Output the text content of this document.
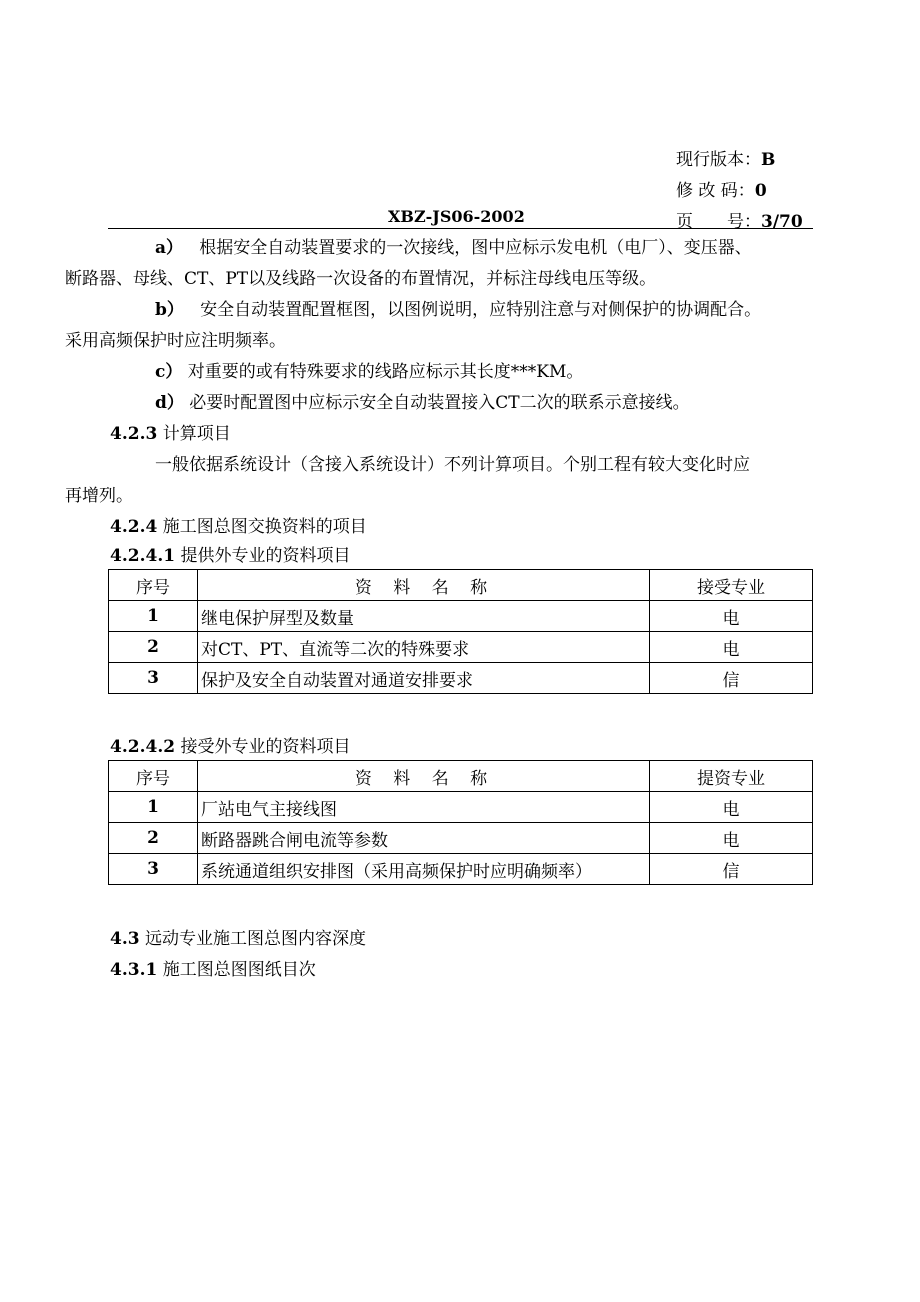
现行版本：B
修 改 码：0
XBZ-JS06-2002	页　　号：3/70
a） 根据安全自动装置要求的一次接线，图中应标示发电机（电厂）、变压器、
断路器、母线、CT、PT以及线路一次设备的布置情况，并标注母线电压等级。
b） 安全自动装置配置框图，以图例说明，应特别注意与对侧保护的协调配合。
采用高频保护时应注明频率。
c） 对重要的或有特殊要求的线路应标示其长度***KM。
d） 必要时配置图中应标示安全自动装置接入CT二次的联系示意接线。
4.2.3 计算项目
一般依据系统设计（含接入系统设计）不列计算项目。个别工程有较大变化时应
再增列。
4.2.4 施工图总图交换资料的项目
4.2.4.1 提供外专业的资料项目
序号	资 料 名 称	接受专业
1	继电保护屏型及数量	电
2	对CT、PT、直流等二次的特殊要求	电
3	保护及安全自动装置对通道安排要求	信
4.2.4.2 接受外专业的资料项目
序号	资 料 名 称	提资专业
1	厂站电气主接线图	电
2	断路器跳合闸电流等参数	电
3	系统通道组织安排图（采用高频保护时应明确频率）	信
4.3 远动专业施工图总图内容深度
4.3.1 施工图总图图纸目次
